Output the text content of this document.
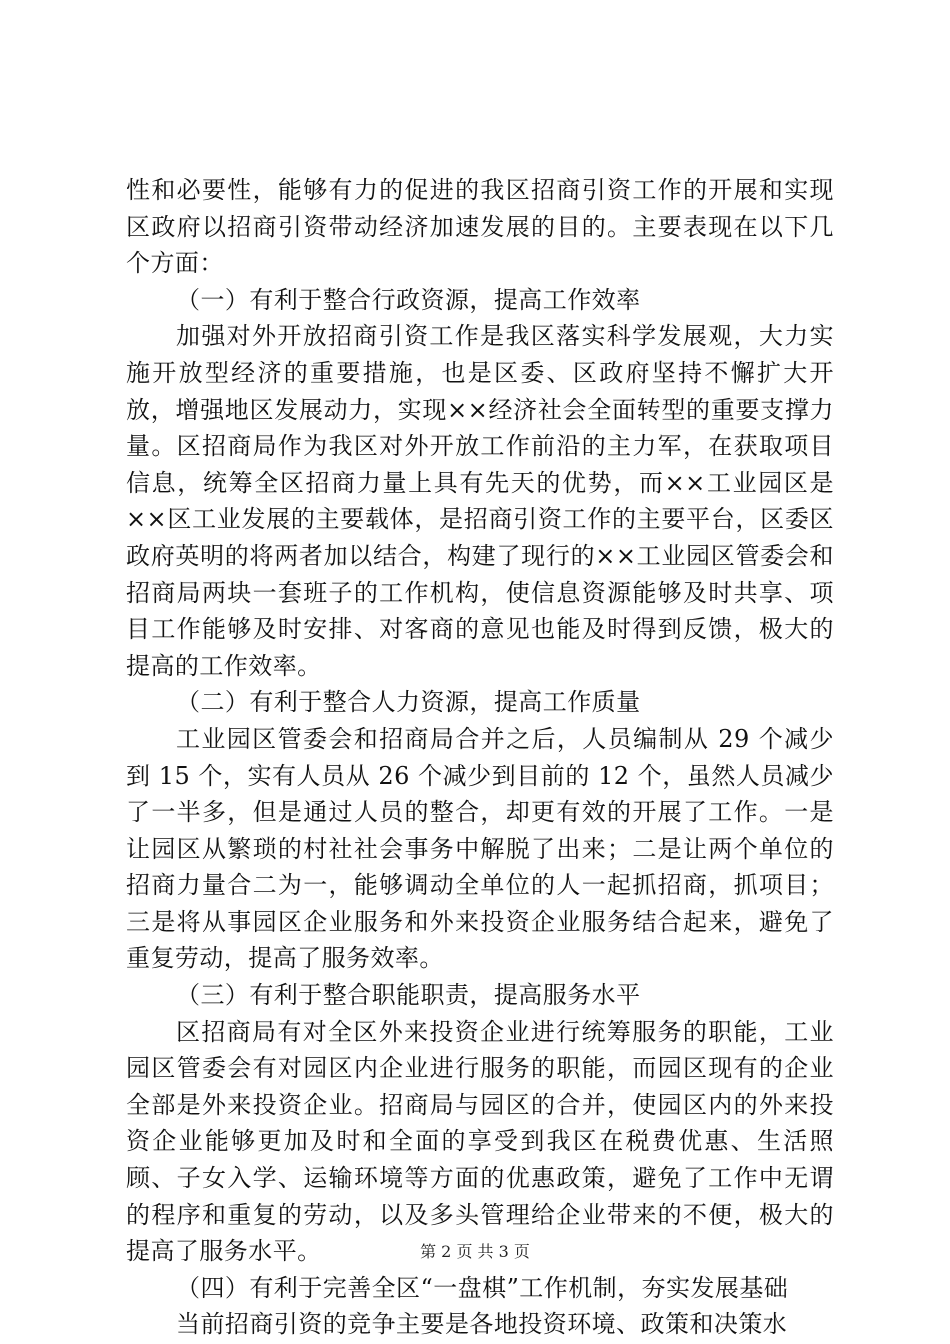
性和必要性，能够有力的促进的我区招商引资工作的开展和实现区政府以招商引资带动经济加速发展的目的。主要表现在以下几个方面：

（一）有利于整合行政资源，提高工作效率

加强对外开放招商引资工作是我区落实科学发展观，大力实施开放型经济的重要措施，也是区委、区政府坚持不懈扩大开放，增强地区发展动力，实现××经济社会全面转型的重要支撑力量。区招商局作为我区对外开放工作前沿的主力军，在获取项目信息，统筹全区招商力量上具有先天的优势，而××工业园区是××区工业发展的主要载体，是招商引资工作的主要平台，区委区政府英明的将两者加以结合，构建了现行的××工业园区管委会和招商局两块一套班子的工作机构，使信息资源能够及时共享、项目工作能够及时安排、对客商的意见也能及时得到反馈，极大的提高的工作效率。

（二）有利于整合人力资源，提高工作质量

工业园区管委会和招商局合并之后，人员编制从 29 个减少到 15 个，实有人员从 26 个减少到目前的 12 个，虽然人员减少了一半多，但是通过人员的整合，却更有效的开展了工作。一是让园区从繁琐的村社社会事务中解脱了出来；二是让两个单位的招商力量合二为一，能够调动全单位的人一起抓招商，抓项目；三是将从事园区企业服务和外来投资企业服务结合起来，避免了重复劳动，提高了服务效率。

（三）有利于整合职能职责，提高服务水平

区招商局有对全区外来投资企业进行统筹服务的职能，工业园区管委会有对园区内企业进行服务的职能，而园区现有的企业全部是外来投资企业。招商局与园区的合并，使园区内的外来投资企业能够更加及时和全面的享受到我区在税费优惠、生活照顾、子女入学、运输环境等方面的优惠政策，避免了工作中无谓的程序和重复的劳动，以及多头管理给企业带来的不便，极大的提高了服务水平。

（四）有利于完善全区“一盘棋”工作机制，夯实发展基础

当前招商引资的竞争主要是各地投资环境、政策和决策水

第 2 页 共 3 页
